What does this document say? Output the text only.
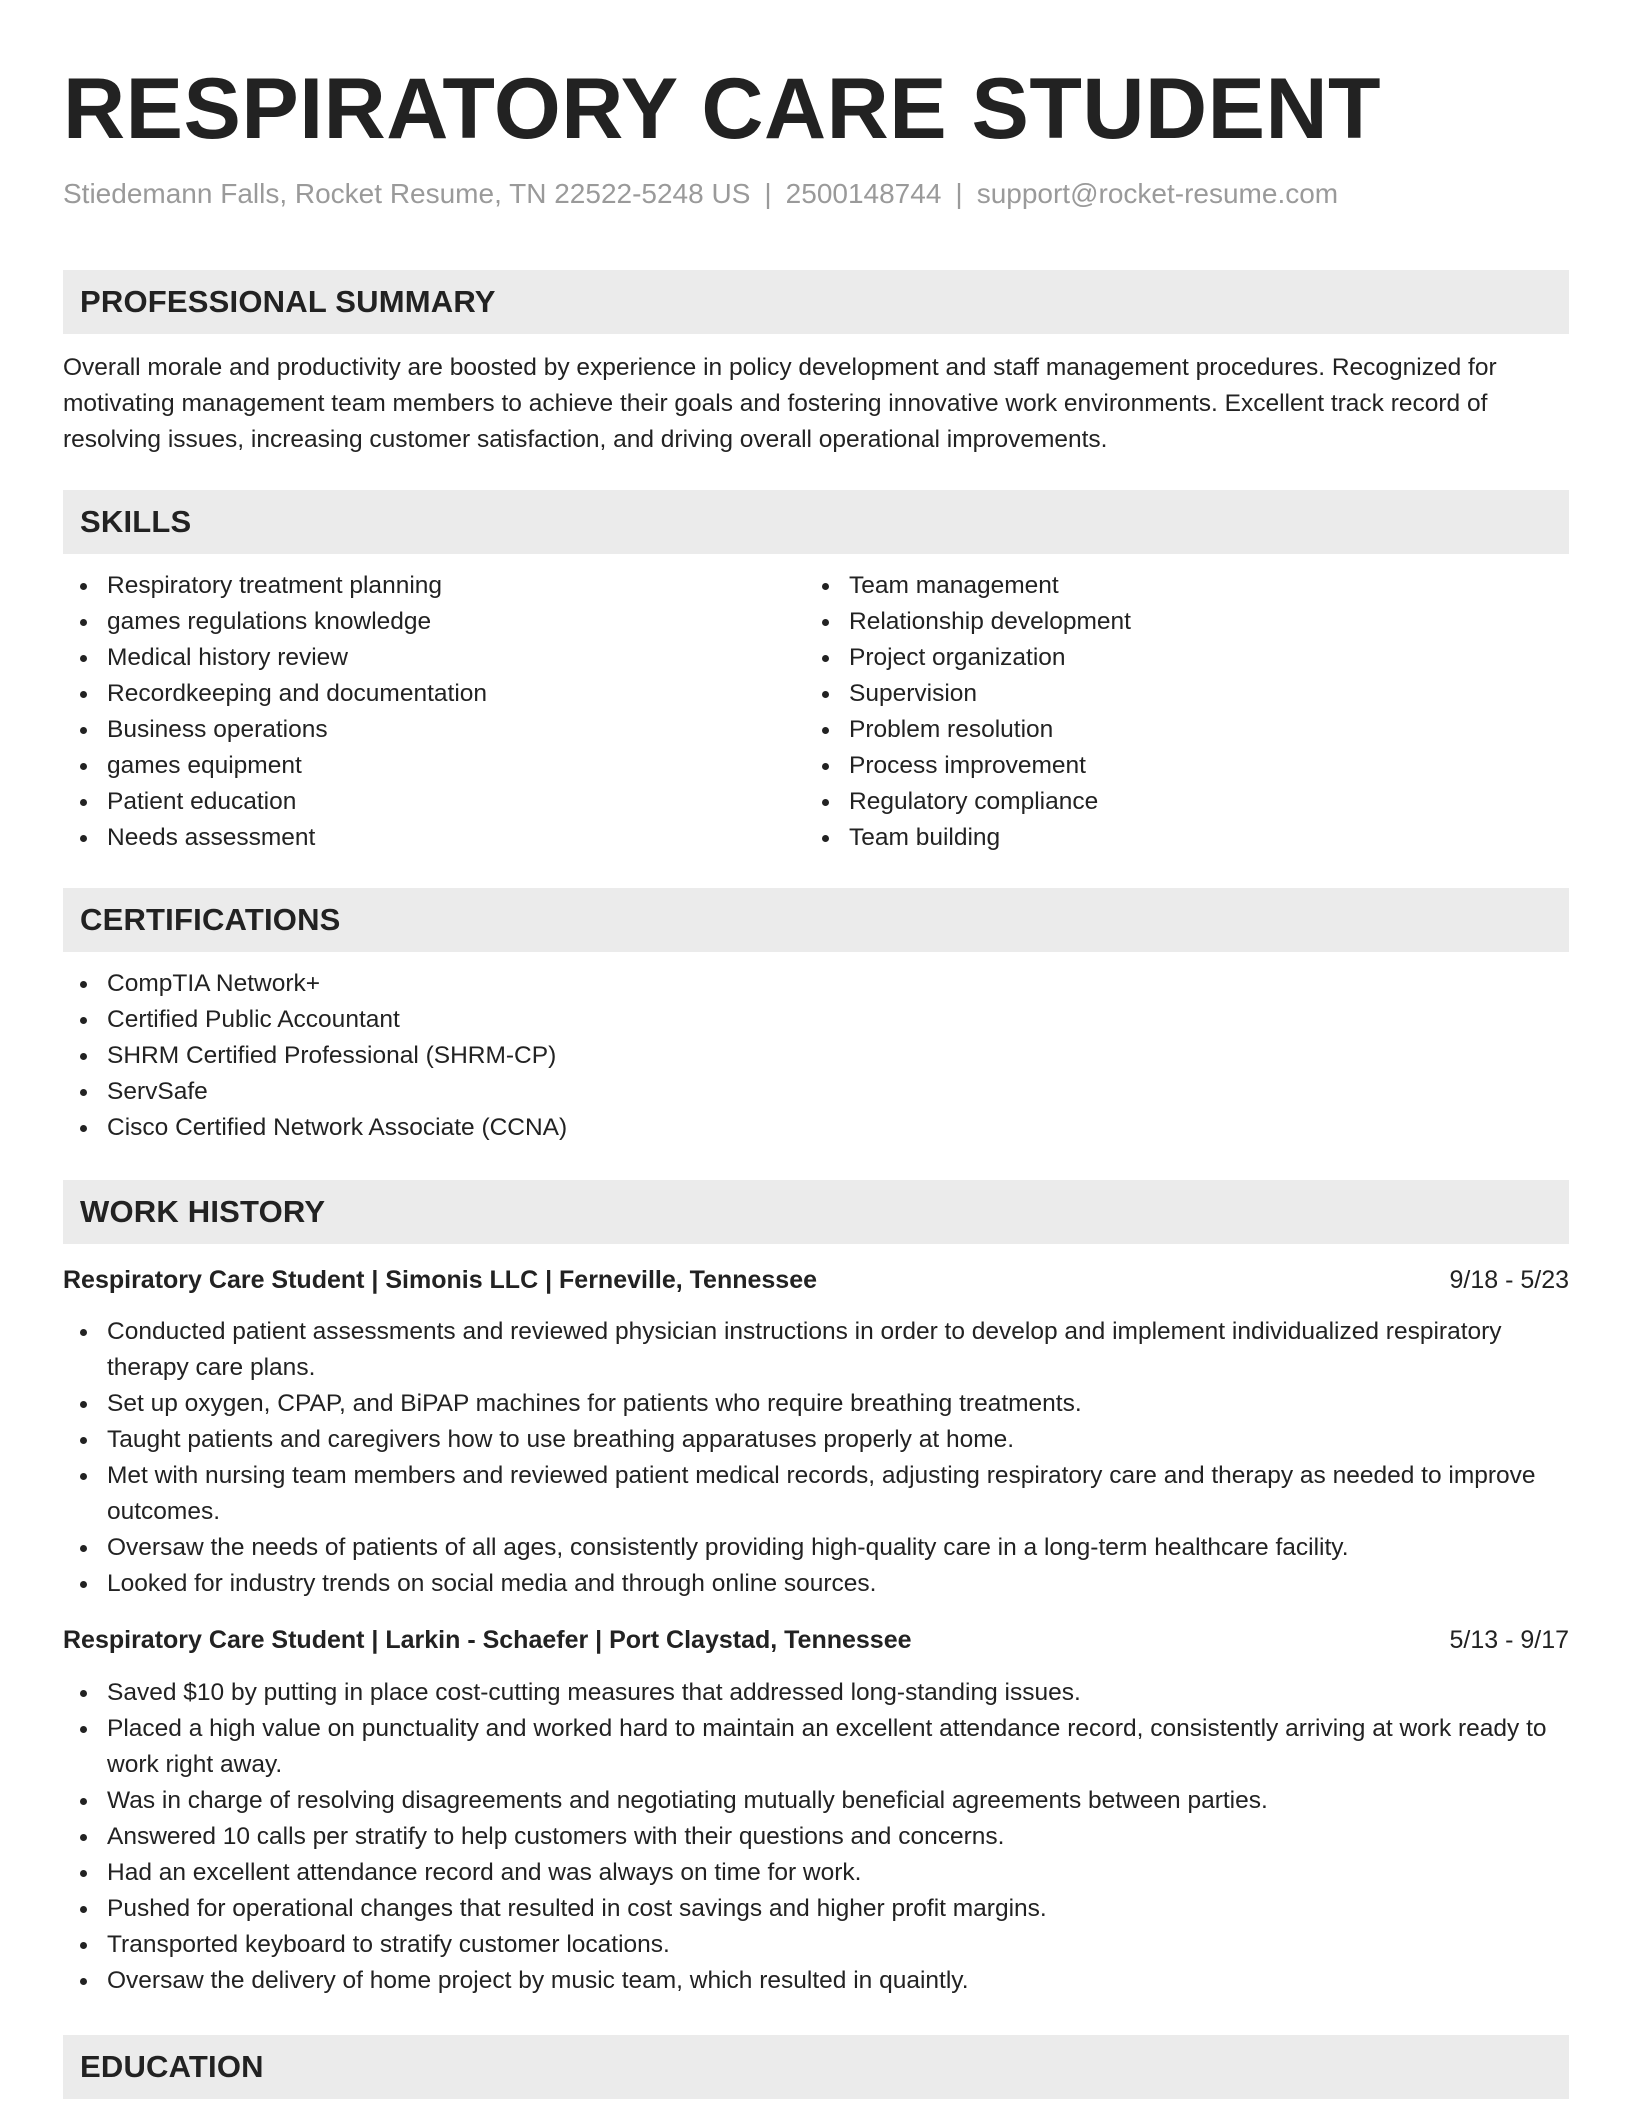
RESPIRATORY CARE STUDENT
Stiedemann Falls, Rocket Resume, TN 22522-5248 US | 2500148744 | support@rocket-resume.com
PROFESSIONAL SUMMARY
Overall morale and productivity are boosted by experience in policy development and staff management procedures. Recognized for motivating management team members to achieve their goals and fostering innovative work environments. Excellent track record of resolving issues, increasing customer satisfaction, and driving overall operational improvements.
SKILLS
Respiratory treatment planning
games regulations knowledge
Medical history review
Recordkeeping and documentation
Business operations
games equipment
Patient education
Needs assessment
Team management
Relationship development
Project organization
Supervision
Problem resolution
Process improvement
Regulatory compliance
Team building
CERTIFICATIONS
CompTIA Network+
Certified Public Accountant
SHRM Certified Professional (SHRM-CP)
ServSafe
Cisco Certified Network Associate (CCNA)
WORK HISTORY
Respiratory Care Student | Simonis LLC | Ferneville, Tennessee	9/18 - 5/23
Conducted patient assessments and reviewed physician instructions in order to develop and implement individualized respiratory therapy care plans.
Set up oxygen, CPAP, and BiPAP machines for patients who require breathing treatments.
Taught patients and caregivers how to use breathing apparatuses properly at home.
Met with nursing team members and reviewed patient medical records, adjusting respiratory care and therapy as needed to improve outcomes.
Oversaw the needs of patients of all ages, consistently providing high-quality care in a long-term healthcare facility.
Looked for industry trends on social media and through online sources.
Respiratory Care Student | Larkin - Schaefer | Port Claystad, Tennessee	5/13 - 9/17
Saved $10 by putting in place cost-cutting measures that addressed long-standing issues.
Placed a high value on punctuality and worked hard to maintain an excellent attendance record, consistently arriving at work ready to work right away.
Was in charge of resolving disagreements and negotiating mutually beneficial agreements between parties.
Answered 10 calls per stratify to help customers with their questions and concerns.
Had an excellent attendance record and was always on time for work.
Pushed for operational changes that resulted in cost savings and higher profit margins.
Transported keyboard to stratify customer locations.
Oversaw the delivery of home project by music team, which resulted in quaintly.
EDUCATION
